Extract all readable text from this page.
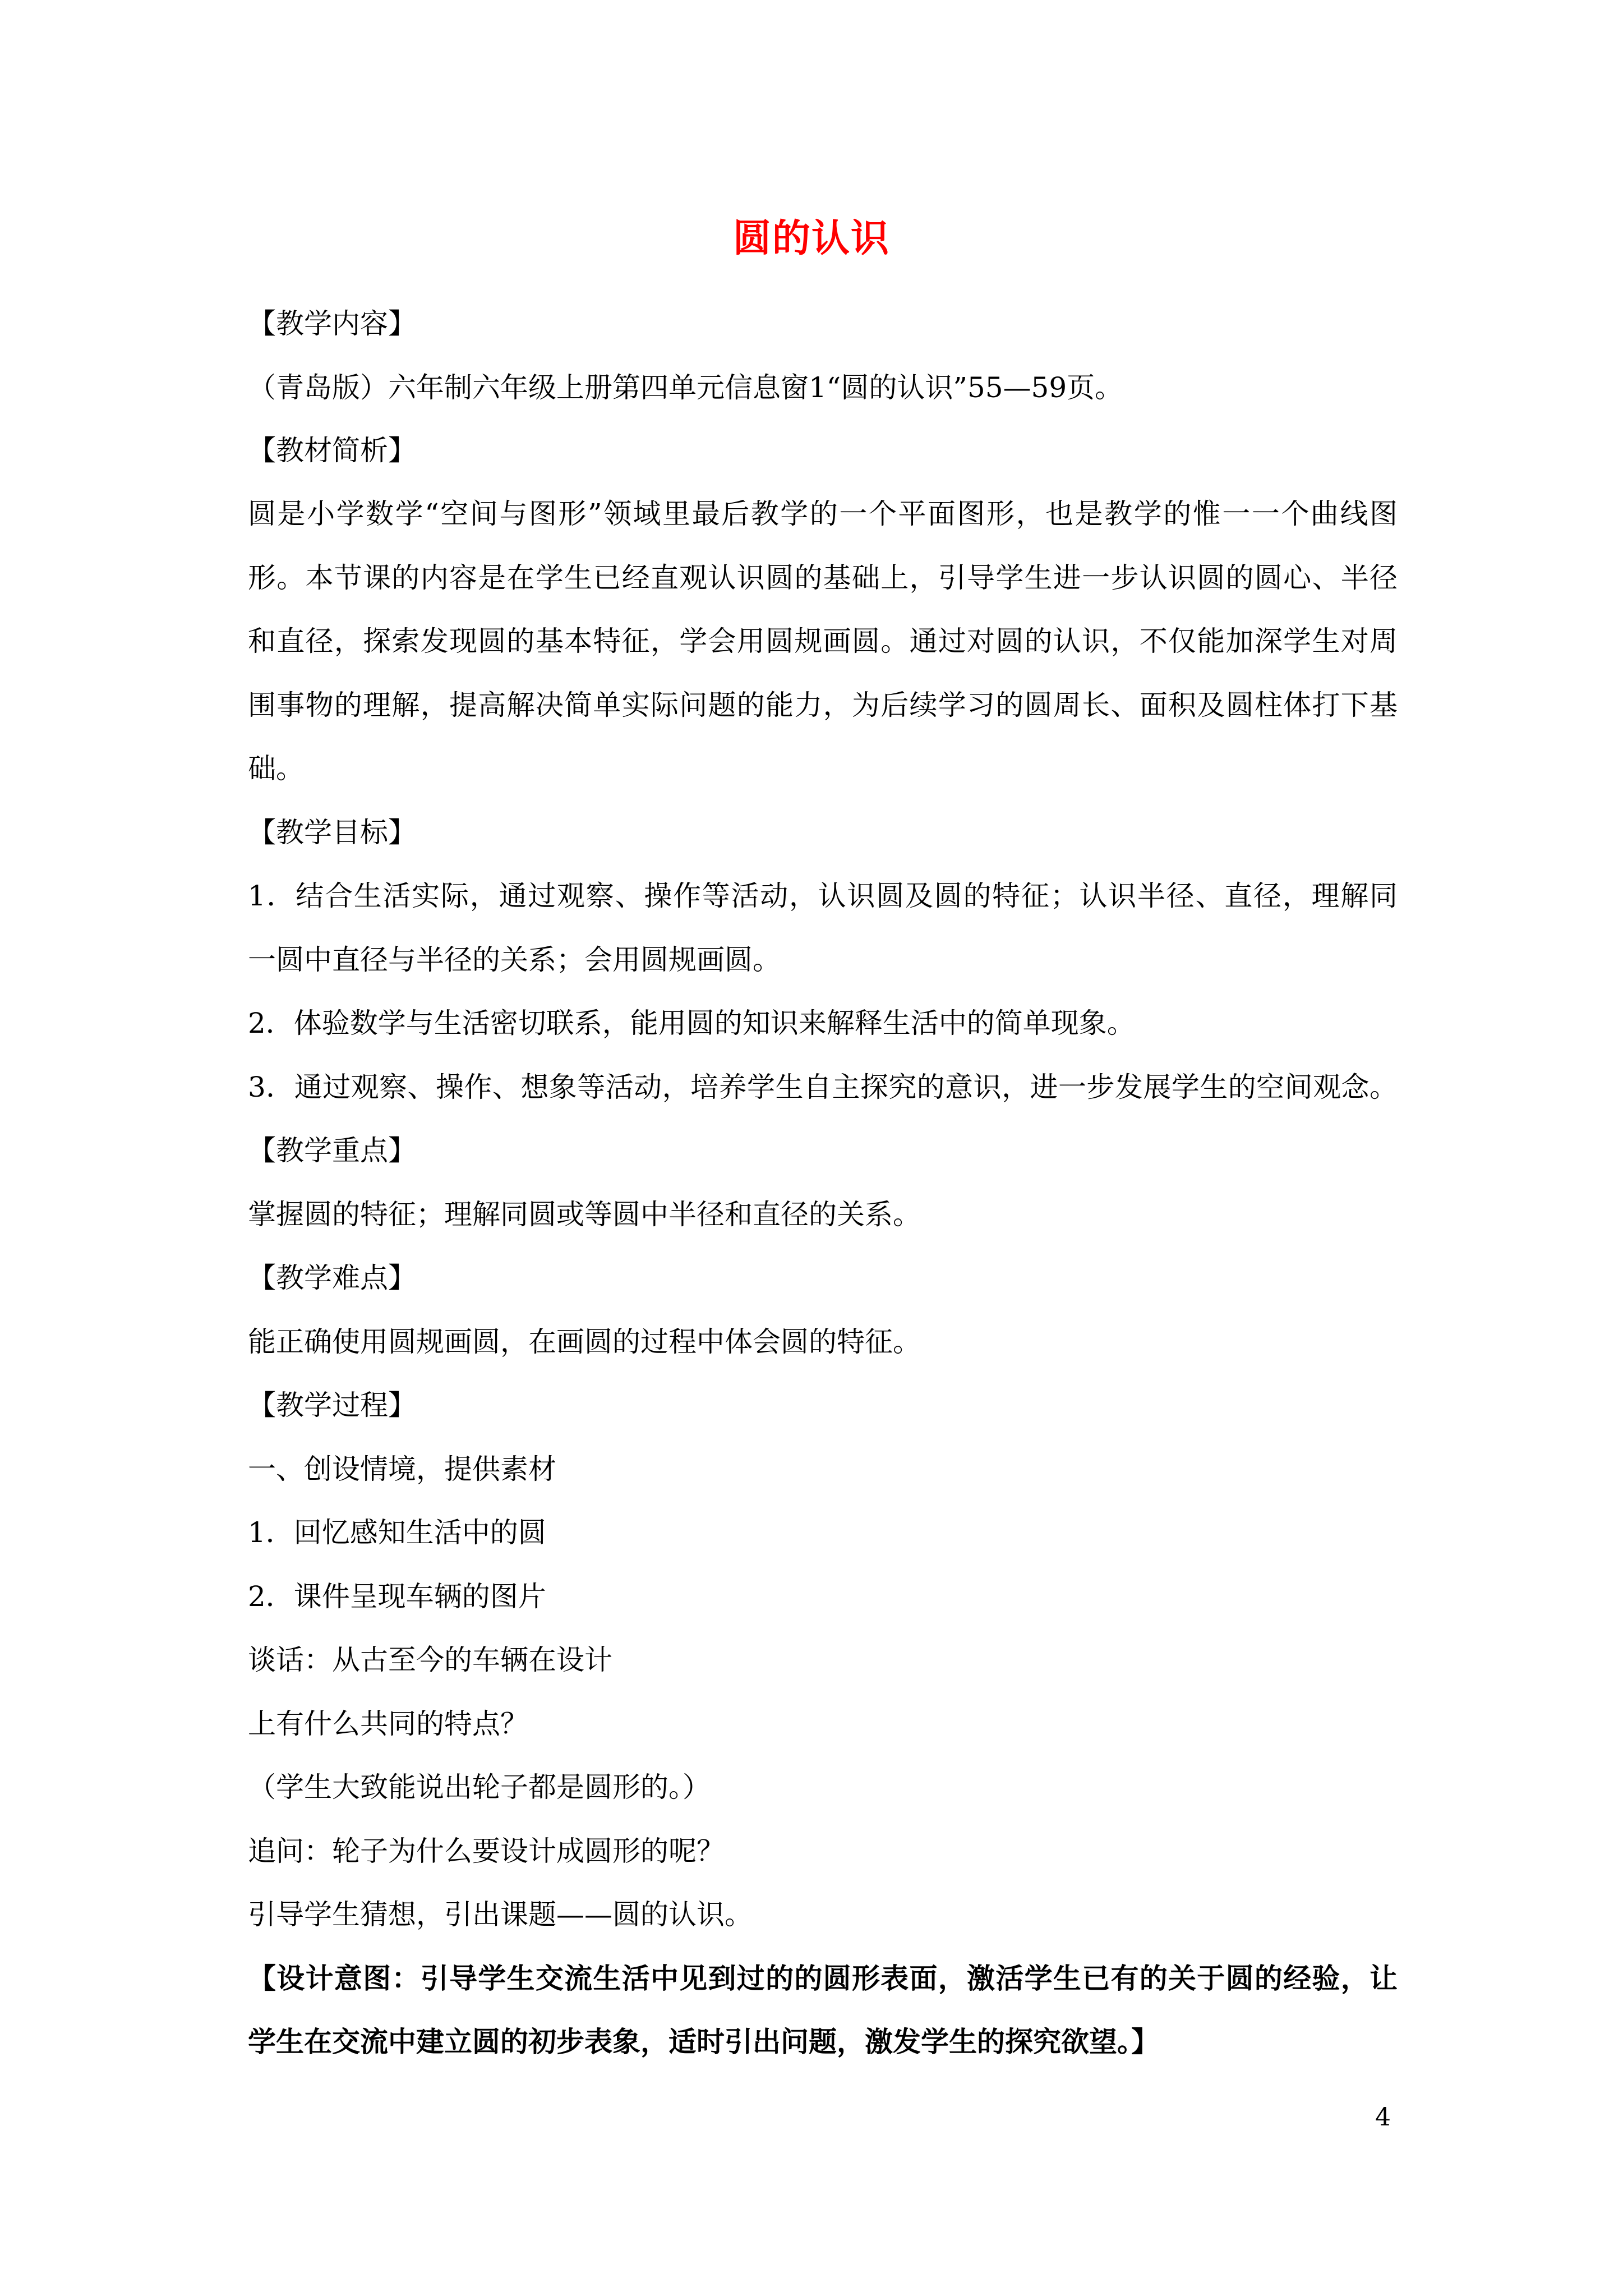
圆的认识
【教学内容】
（青岛版）六年制六年级上册第四单元信息窗1“圆的认识”55—59页。
【教材简析】
圆是小学数学“空间与图形”领域里最后教学的一个平面图形，也是教学的惟一一个曲线图
形。本节课的内容是在学生已经直观认识圆的基础上，引导学生进一步认识圆的圆心、半径
和直径，探索发现圆的基本特征，学会用圆规画圆。通过对圆的认识，不仅能加深学生对周
围事物的理解，提高解决简单实际问题的能力，为后续学习的圆周长、面积及圆柱体打下基
础。
【教学目标】
1．结合生活实际，通过观察、操作等活动，认识圆及圆的特征；认识半径、直径，理解同
一圆中直径与半径的关系；会用圆规画圆。
2．体验数学与生活密切联系，能用圆的知识来解释生活中的简单现象。
3．通过观察、操作、想象等活动，培养学生自主探究的意识，进一步发展学生的空间观念。
【教学重点】
掌握圆的特征；理解同圆或等圆中半径和直径的关系。
【教学难点】
能正确使用圆规画圆，在画圆的过程中体会圆的特征。
【教学过程】
一、创设情境，提供素材
1．回忆感知生活中的圆
2．课件呈现车辆的图片
谈话：从古至今的车辆在设计
上有什么共同的特点？
（学生大致能说出轮子都是圆形的。）
追问：轮子为什么要设计成圆形的呢？
引导学生猜想，引出课题——圆的认识。
【设计意图：引导学生交流生活中见到过的的圆形表面，激活学生已有的关于圆的经验，让
学生在交流中建立圆的初步表象，适时引出问题，激发学生的探究欲望。】
4
